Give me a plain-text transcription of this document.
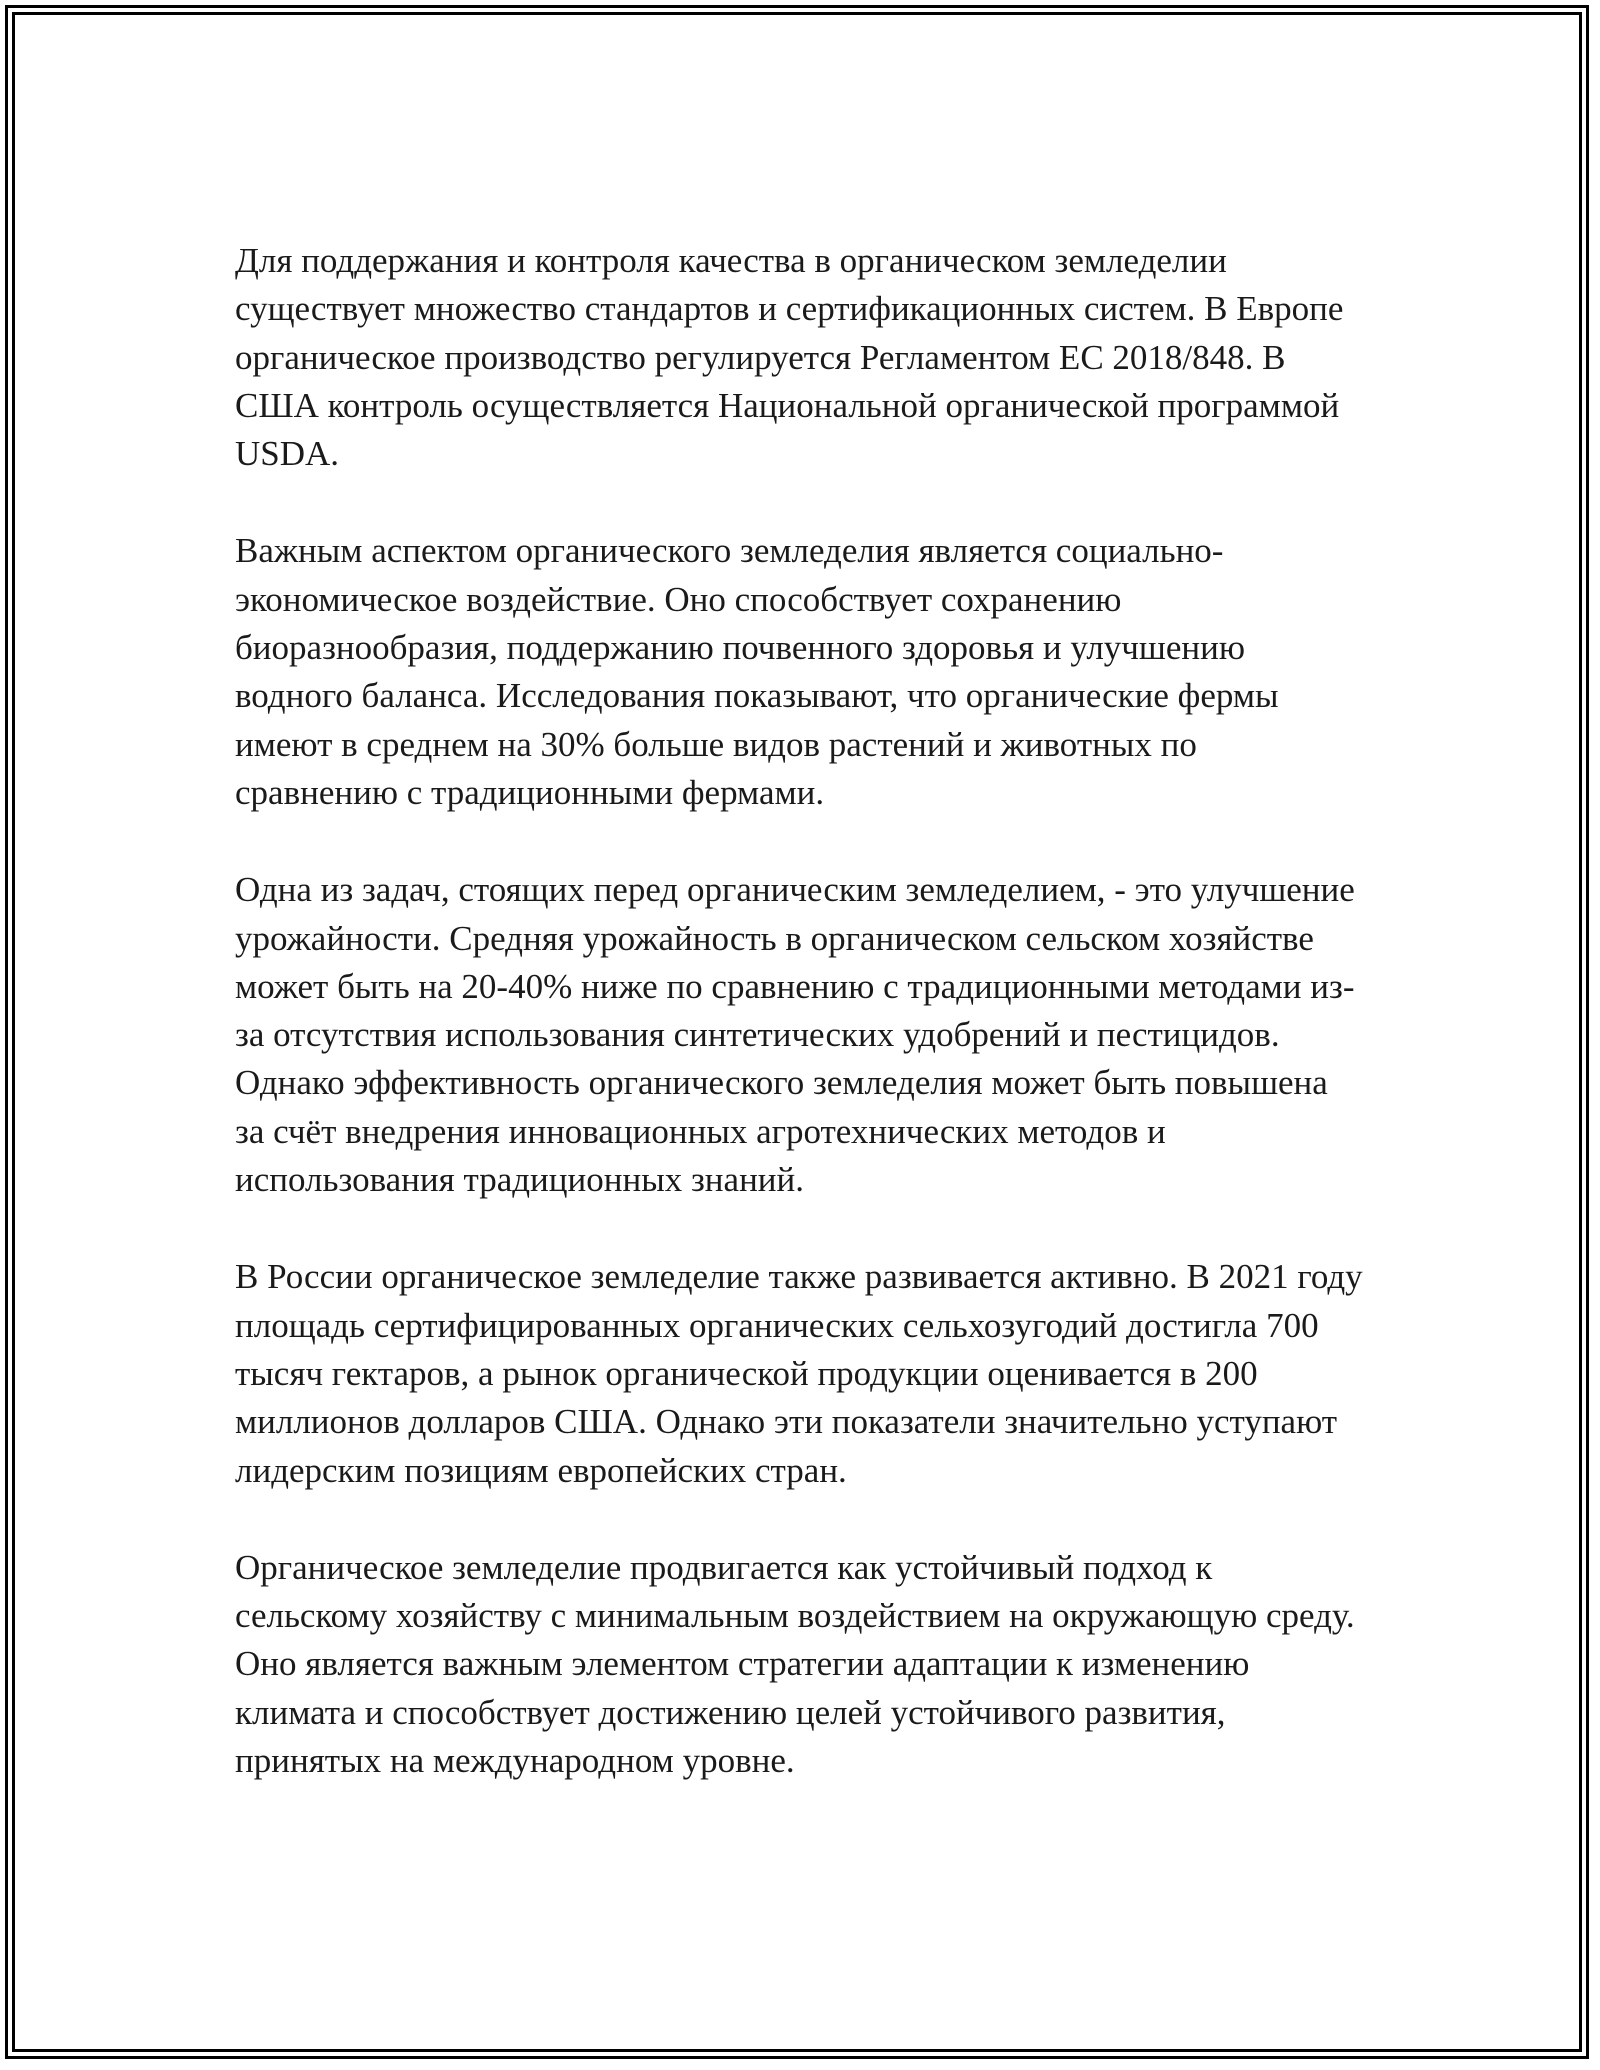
Для поддержания и контроля качества в органическом земледелии существует множество стандартов и сертификационных систем. В Европе органическое производство регулируется Регламентом ЕС 2018/848. В США контроль осуществляется Национальной органической программой USDA.

Важным аспектом органического земледелия является социально-экономическое воздействие. Оно способствует сохранению биоразнообразия, поддержанию почвенного здоровья и улучшению водного баланса. Исследования показывают, что органические фермы имеют в среднем на 30% больше видов растений и животных по сравнению с традиционными фермами.

Одна из задач, стоящих перед органическим земледелием, - это улучшение урожайности. Средняя урожайность в органическом сельском хозяйстве может быть на 20-40% ниже по сравнению с традиционными методами из-за отсутствия использования синтетических удобрений и пестицидов. Однако эффективность органического земледелия может быть повышена за счёт внедрения инновационных агротехнических методов и использования традиционных знаний.

В России органическое земледелие также развивается активно. В 2021 году площадь сертифицированных органических сельхозугодий достигла 700 тысяч гектаров, а рынок органической продукции оценивается в 200 миллионов долларов США. Однако эти показатели значительно уступают лидерским позициям европейских стран.

Органическое земледелие продвигается как устойчивый подход к сельскому хозяйству с минимальным воздействием на окружающую среду. Оно является важным элементом стратегии адаптации к изменению климата и способствует достижению целей устойчивого развития, принятых на международном уровне.
